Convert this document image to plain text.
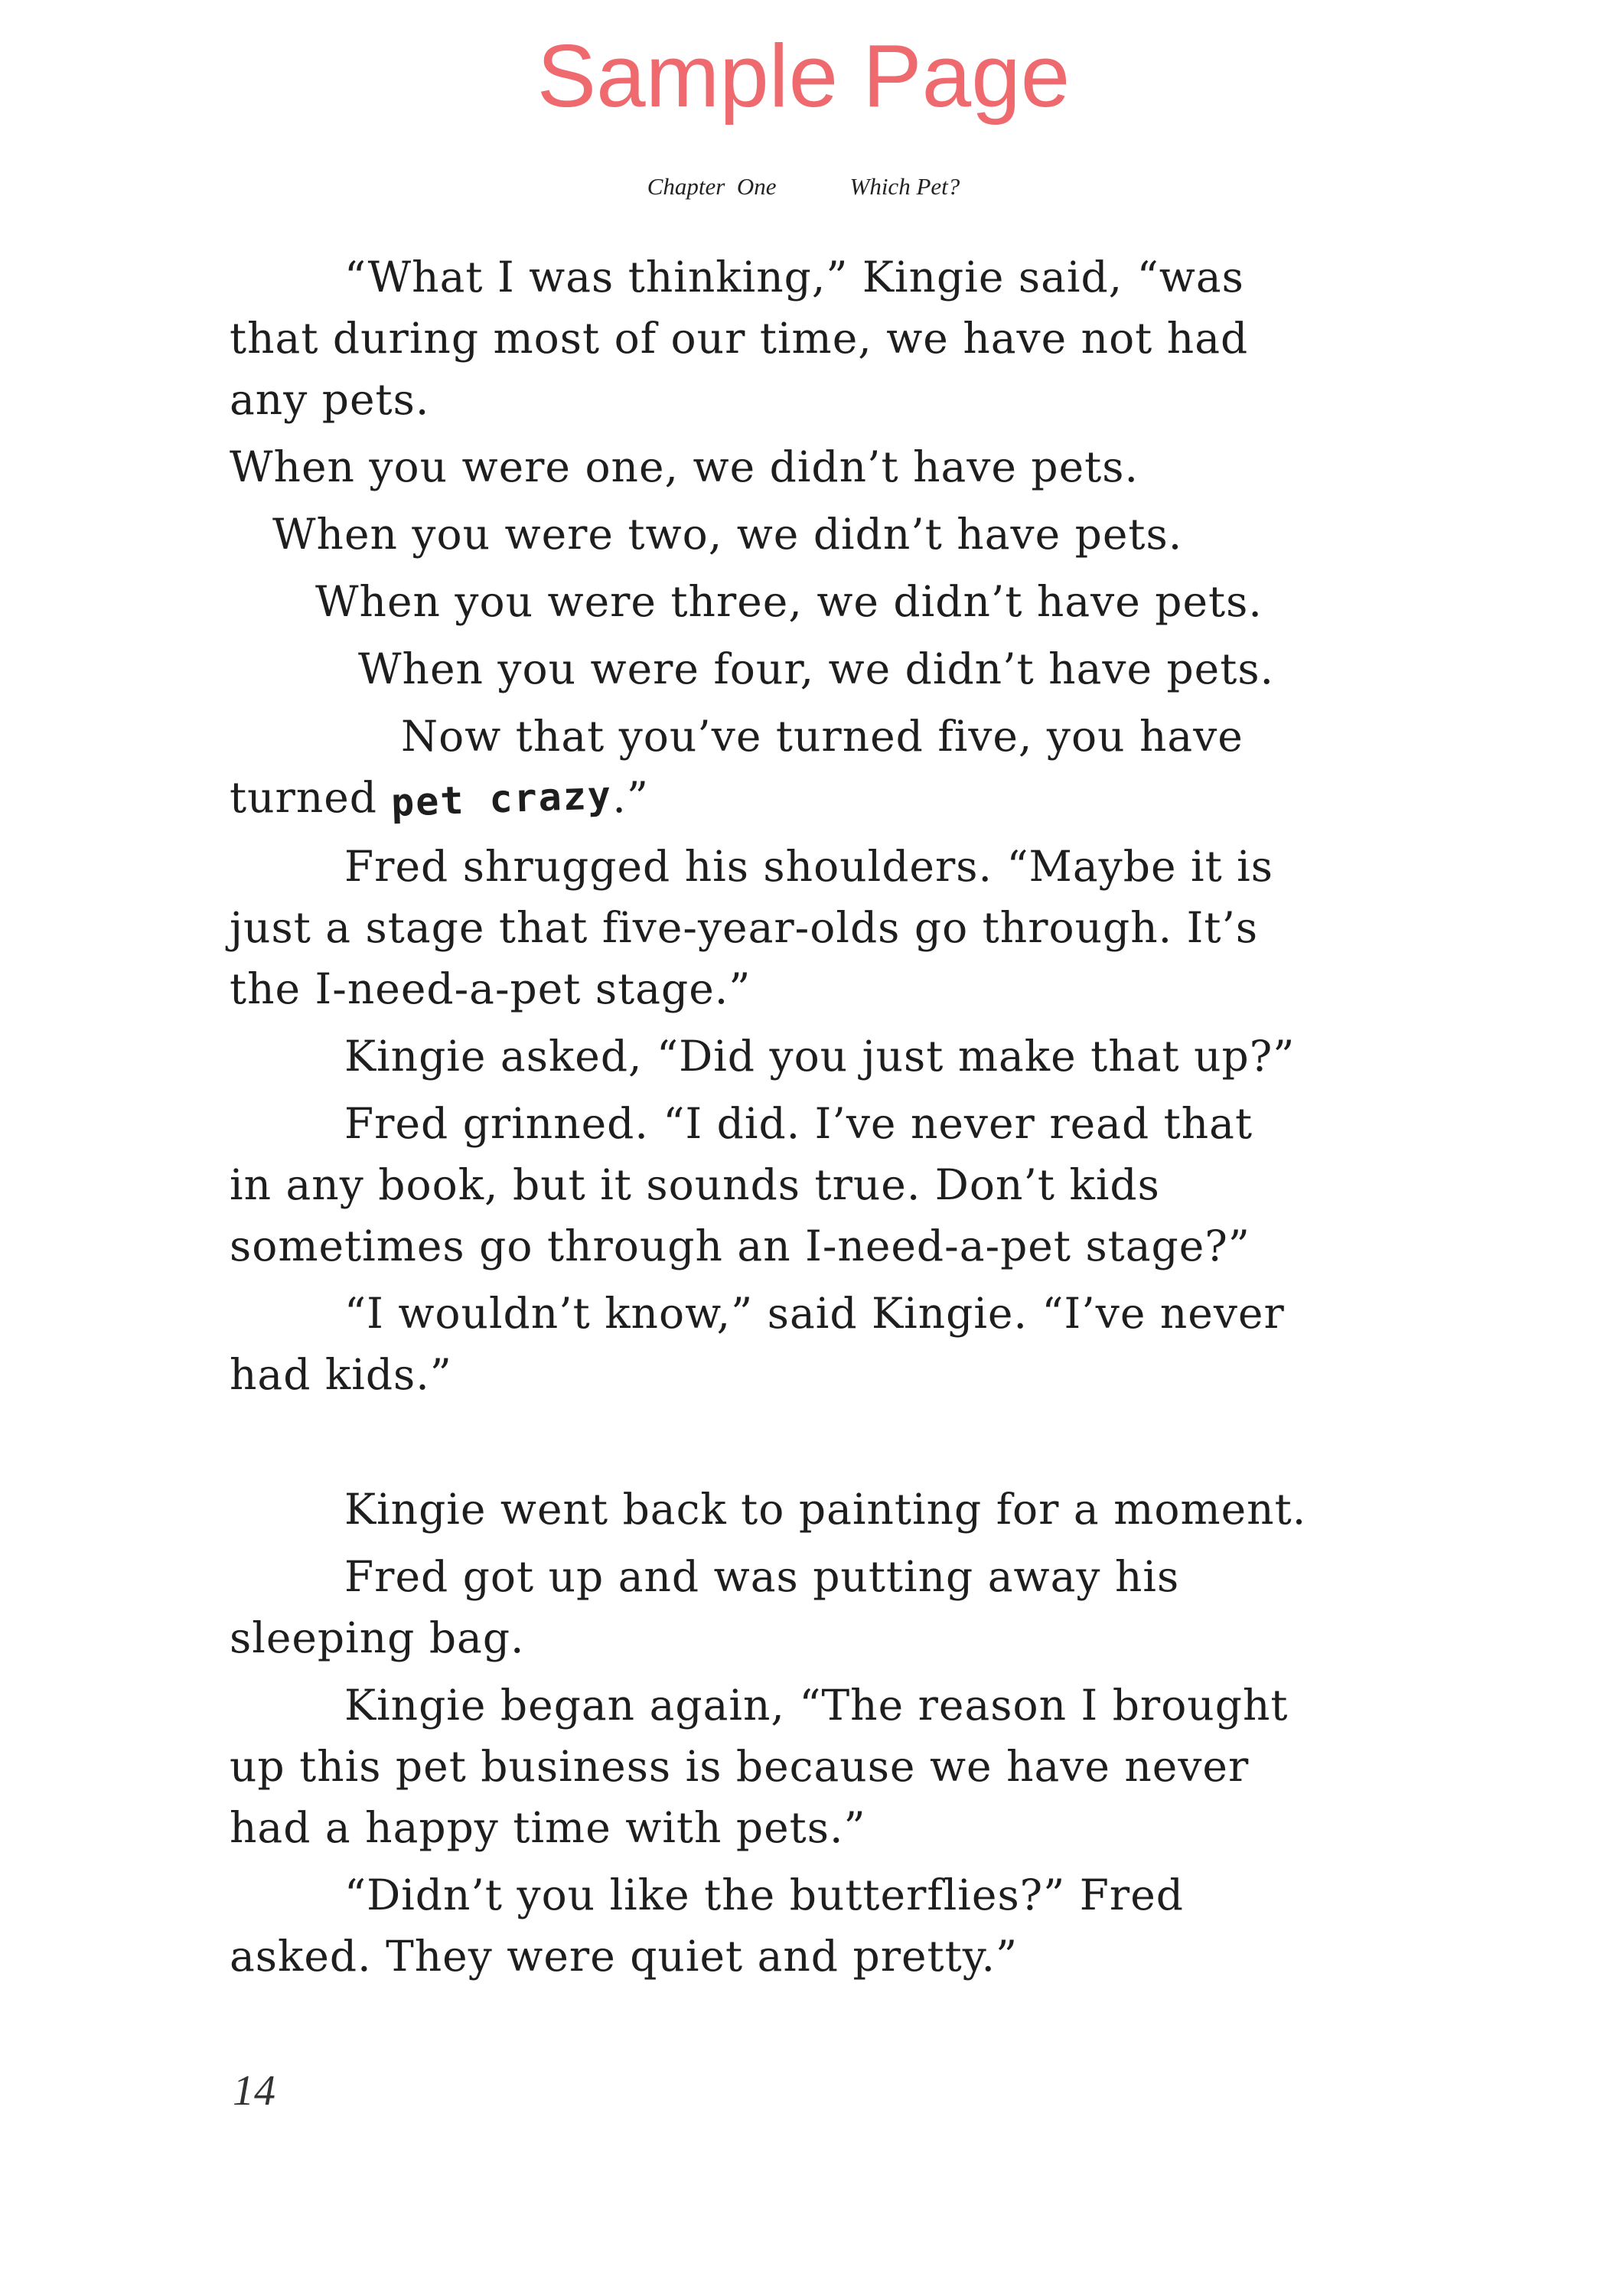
Sample Page
Chapter  One	Which Pet?

“What I was thinking,” Kingie said, “was
that during most of our time, we have not had
any pets.

When you were one, we didn’t have pets.

When you were two, we didn’t have pets.

When you were three, we didn’t have pets.

When you were four, we didn’t have pets.

Now that you’ve turned five, you have

turned pet crazy.”

Fred shrugged his shoulders. “Maybe it is
just a stage that five-year-olds go through. It’s
the I-need-a-pet stage.”

Kingie asked, “Did you just make that up?”

Fred grinned. “I did. I’ve never read that
in any book, but it sounds true. Don’t kids
sometimes go through an I-need-a-pet stage?”

“I wouldn’t know,” said Kingie. “I’ve never
had kids.”

Kingie went back to painting for a moment.

Fred got up and was putting away his
sleeping bag.

Kingie began again, “The reason I brought
up this pet business is because we have never
had a happy time with pets.”

“Didn’t you like the butterflies?” Fred
asked. They were quiet and pretty.”

14
